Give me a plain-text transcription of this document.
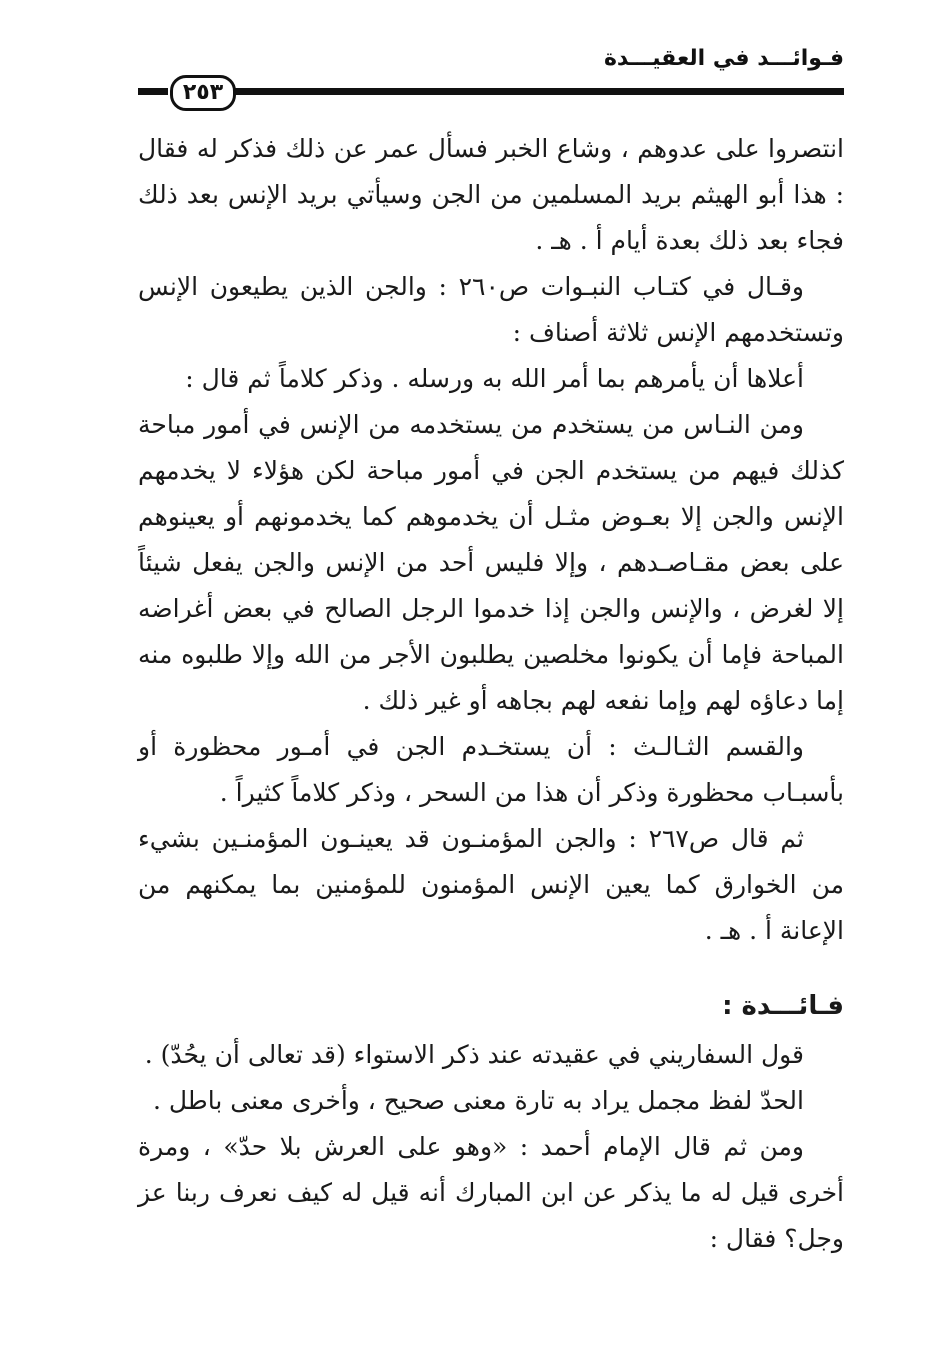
فـوائـــد في العقيـــدة
٢٥٣

انتصروا على عدوهم ، وشاع الخبر فسأل عمر عن ذلك فذكر له فقال : هذا أبو الهيثم بريد المسلمين من الجن وسيأتي بريد الإنس بعد ذلك فجاء بعد ذلك بعدة أيام أ . هـ .

وقـال في كتـاب النبـوات ص٢٦٠ : والجن الذين يطيعون الإنس وتستخدمهم الإنس ثلاثة أصناف :

أعلاها أن يأمرهم بما أمر الله به ورسله . وذكر كلاماً ثم قال :

ومن النـاس من يستخدم من يستخدمه من الإنس في أمور مباحة كذلك فيهم من يستخدم الجن في أمور مباحة لكن هؤلاء لا يخدمهم الإنس والجن إلا بعـوض مثـل أن يخدموهم كما يخدمونهم أو يعينوهم على بعض مقـاصـدهم ، وإلا فليس أحد من الإنس والجن يفعل شيئاً إلا لغرض ، والإنس والجن إذا خدموا الرجل الصالح في بعض أغراضه المباحة فإما أن يكونوا مخلصين يطلبون الأجر من الله وإلا طلبوه منه إما دعاؤه لهم وإما نفعه لهم بجاهه أو غير ذلك .

والقسم الثـالـث : أن يستخـدم الجن في أمـور محظورة أو بأسبـاب محظورة وذكر أن هذا من السحر ، وذكر كلاماً كثيراً .

ثم قال ص٢٦٧ : والجن المؤمنـون قد يعينـون المؤمنـين بشيء من الخوارق كما يعين الإنس المؤمنون للمؤمنين بما يمكنهم من الإعانة أ . هـ .

فـائـــدة :

قول السفاريني في عقيدته عند ذكر الاستواء (قد تعالى أن يحُدّ) .

الحدّ لفظ مجمل يراد به تارة معنى صحيح ، وأخرى معنى باطل .

ومن ثم قال الإمام أحمد : «وهو على العرش بلا حدّ» ، ومرة أخرى قيل له ما يذكر عن ابن المبارك أنه قيل له كيف نعرف ربنا عز وجل؟ فقال :
